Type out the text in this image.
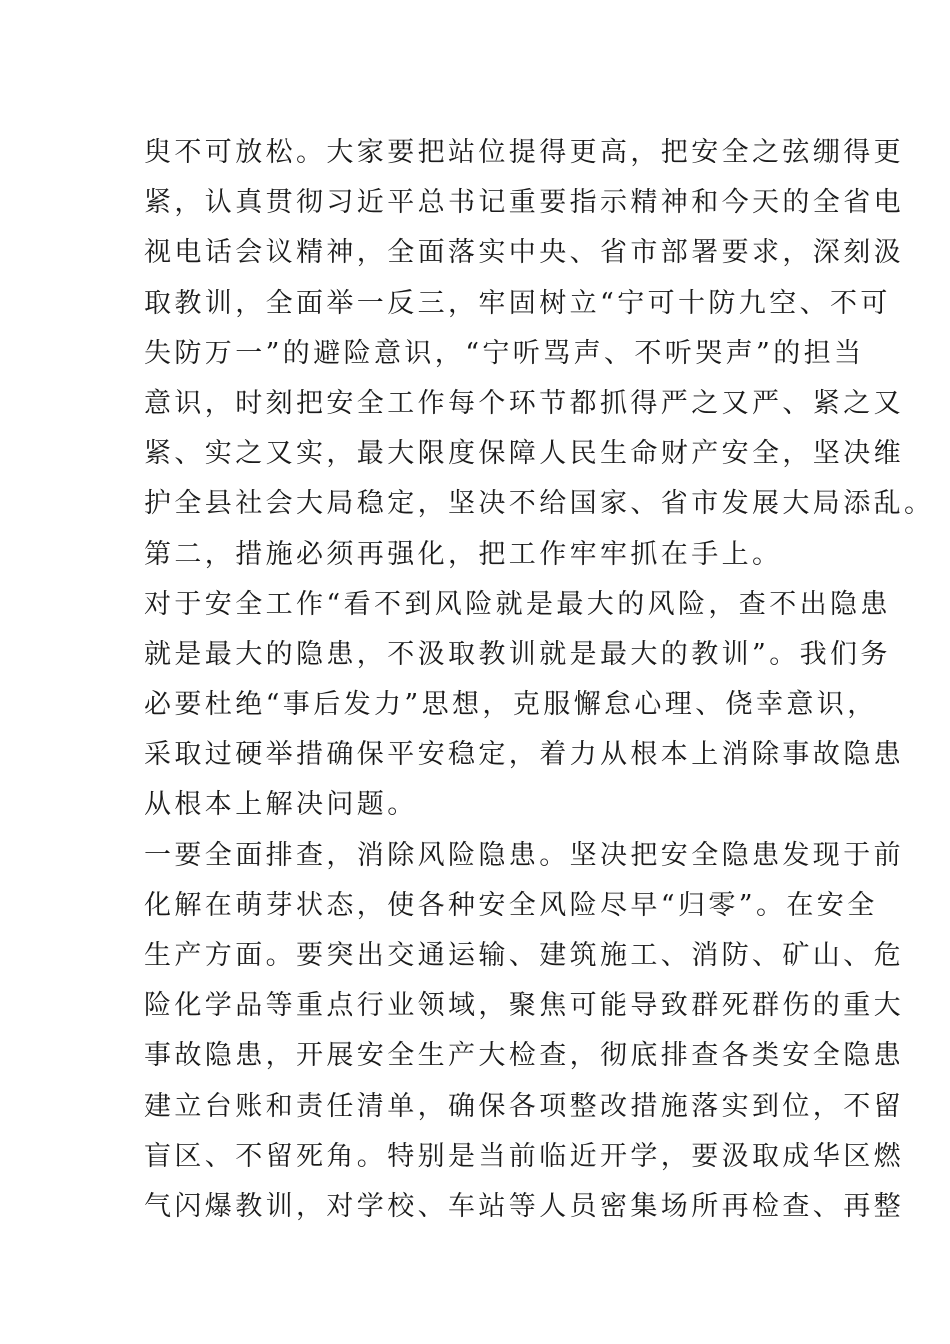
臾不可放松。大家要把站位提得更高，把安全之弦绷得更
紧，认真贯彻习近平总书记重要指示精神和今天的全省电
视电话会议精神，全面落实中央、省市部署要求，深刻汲
取教训，全面举一反三，牢固树立“宁可十防九空、不可
失防万一”的避险意识，“宁听骂声、不听哭声”的担当
意识，时刻把安全工作每个环节都抓得严之又严、紧之又
紧、实之又实，最大限度保障人民生命财产安全，坚决维
护全县社会大局稳定，坚决不给国家、省市发展大局添乱。
第二，措施必须再强化，把工作牢牢抓在手上。
对于安全工作“看不到风险就是最大的风险，查不出隐患
就是最大的隐患，不汲取教训就是最大的教训”。我们务
必要杜绝“事后发力”思想，克服懈怠心理、侥幸意识，
采取过硬举措确保平安稳定，着力从根本上消除事故隐患
从根本上解决问题。
一要全面排查，消除风险隐患。坚决把安全隐患发现于前
化解在萌芽状态，使各种安全风险尽早“归零”。在安全
生产方面。要突出交通运输、建筑施工、消防、矿山、危
险化学品等重点行业领域，聚焦可能导致群死群伤的重大
事故隐患，开展安全生产大检查，彻底排查各类安全隐患
建立台账和责任清单，确保各项整改措施落实到位，不留
盲区、不留死角。特别是当前临近开学，要汲取成华区燃
气闪爆教训，对学校、车站等人员密集场所再检查、再整
